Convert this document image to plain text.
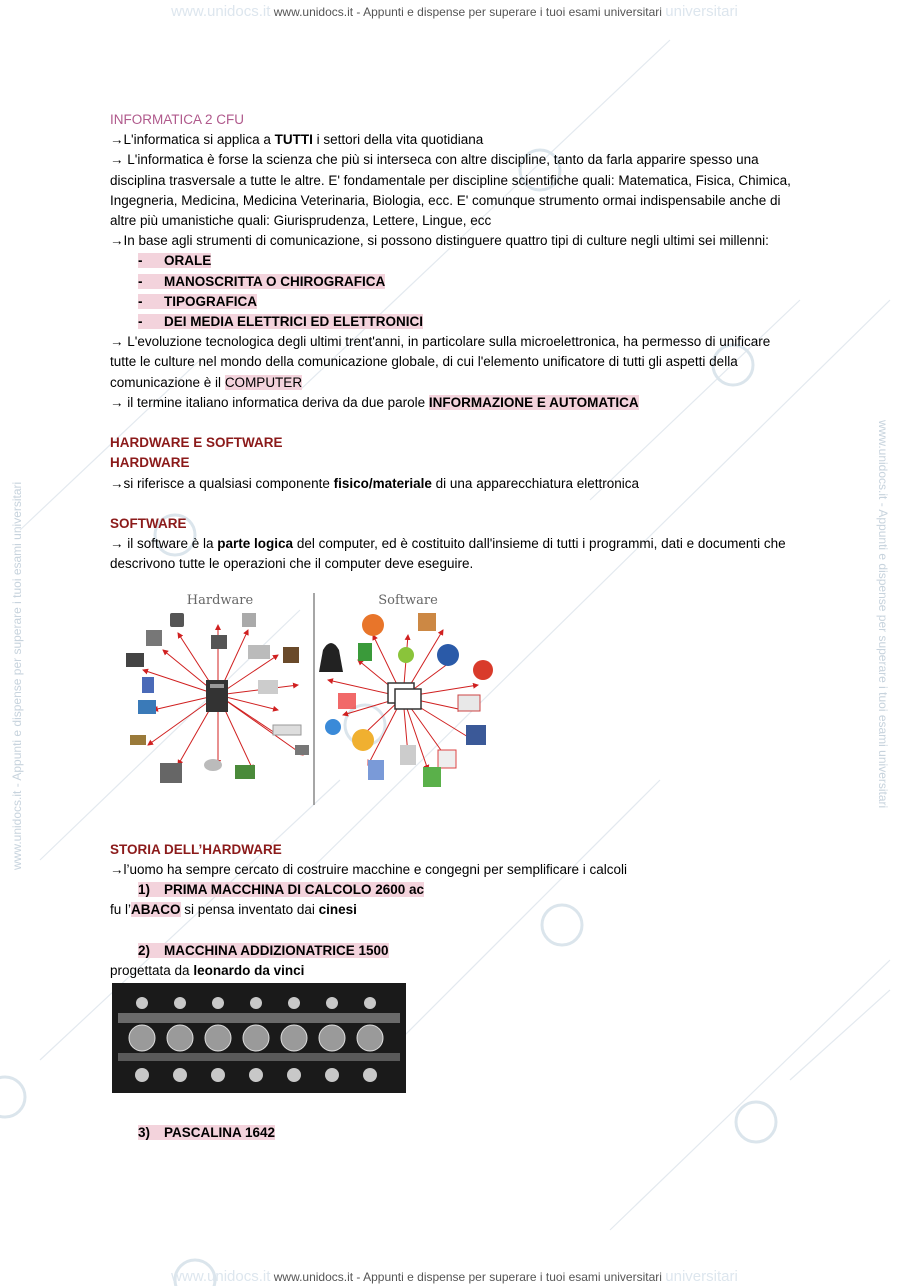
www.unidocs.it www.unidocs.it - Appunti e dispense per superare i tuoi esami universitari universitari
www.unidocs.it www.unidocs.it - Appunti e dispense per superare i tuoi esami universitari universitari
www.unidocs.it - Appunti e dispense per superare i tuoi esami universitari	www.unidocs.it - Appunti e dispense per superare i tuoi esami universitari

INFORMATICA 2 CFU

→L'informatica si applica a TUTTI i settori della vita quotidiana

→ L'informatica è forse la scienza che più si interseca con altre discipline, tanto da farla apparire spesso una disciplina trasversale a tutte le altre. E' fondamentale per discipline scientifiche quali: Matematica, Fisica, Chimica, Ingegneria, Medicina, Medicina Veterinaria, Biologia, ecc. E' comunque strumento ormai indispensabile anche di altre più umanistiche quali: Giurisprudenza, Lettere, Lingue, ecc

→In base agli strumenti di comunicazione, si possono distinguere quattro tipi di culture negli ultimi sei millenni:

- ORALE

- MANOSCRITTA O CHIROGRAFICA

- TIPOGRAFICA

- DEI MEDIA ELETTRICI ED ELETTRONICI

→ L'evoluzione tecnologica degli ultimi trent'anni, in particolare sulla microelettronica, ha permesso di unificare tutte le culture nel mondo della comunicazione globale, di cui l'elemento unificatore di tutti gli aspetti della comunicazione è il COMPUTER

→ il termine italiano informatica deriva da due parole INFORMAZIONE E AUTOMATICA

HARDWARE E SOFTWARE

HARDWARE

→si riferisce a qualsiasi componente fisico/materiale di una apparecchiatura elettronica

SOFTWARE

→ il software è la parte logica del computer, ed è costituito dall'insieme di tutti i programmi, dati e documenti che descrivono tutte le operazioni che il computer deve eseguire.

Hardware	Software

STORIA DELL’HARDWARE

→l’uomo ha sempre cercato di costruire macchine e congegni per semplificare i calcoli

1) PRIMA MACCHINA DI CALCOLO 2600 ac

fu l’ABACO si pensa inventato dai cinesi

2) MACCHINA ADDIZIONATRICE 1500

progettata da leonardo da vinci

3) PASCALINA 1642
